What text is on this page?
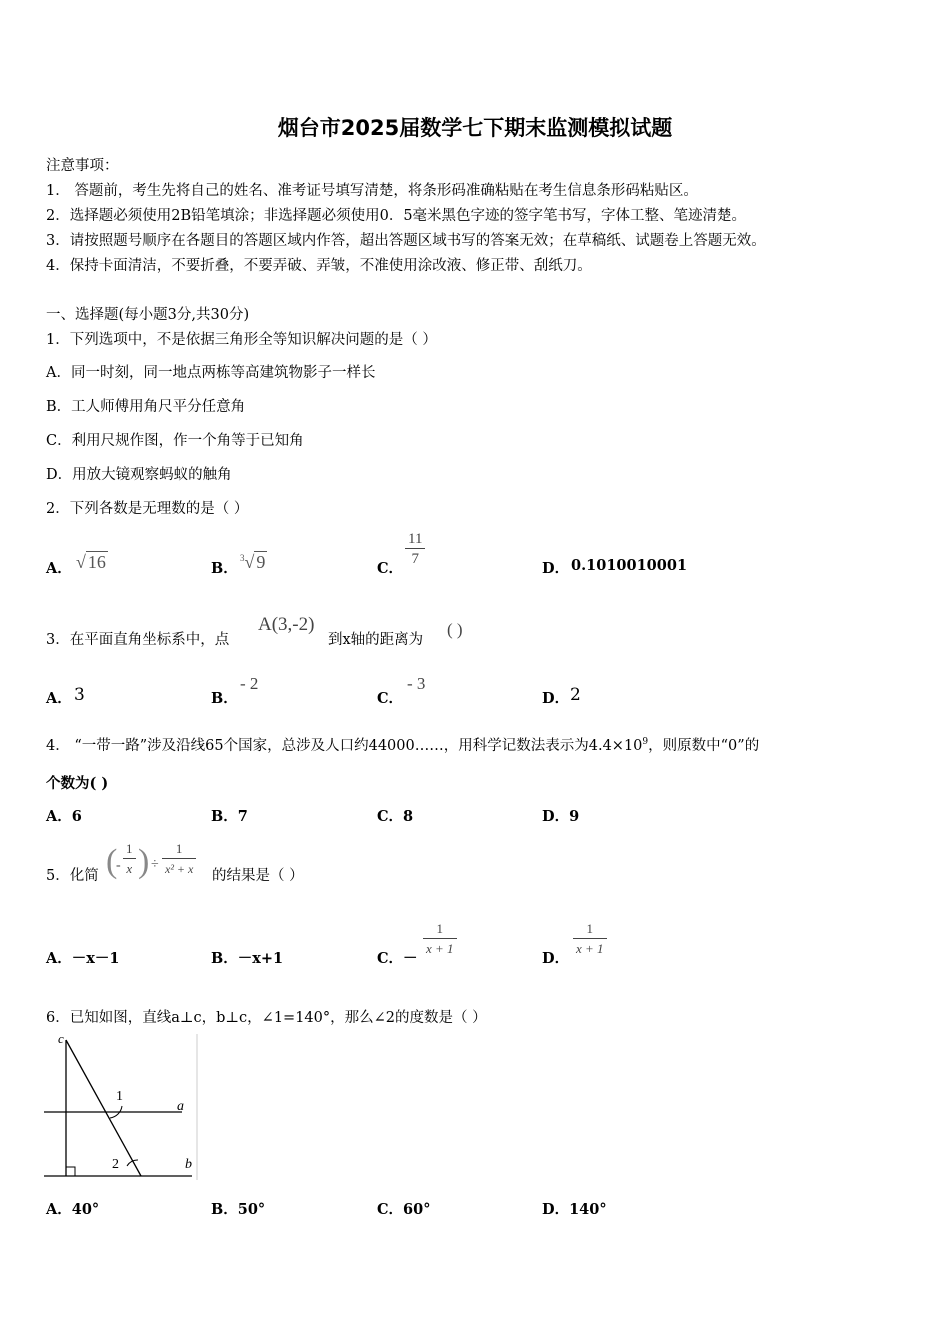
烟台市2025届数学七下期末监测模拟试题
注意事项：
1． 答题前，考生先将自己的姓名、准考证号填写清楚，将条形码准确粘贴在考生信息条形码粘贴区。
2．选择题必须使用2B铅笔填涂；非选择题必须使用0．5毫米黑色字迹的签字笔书写，字体工整、笔迹清楚。
3．请按照题号顺序在各题目的答题区域内作答，超出答题区域书写的答案无效；在草稿纸、试题卷上答题无效。
4．保持卡面清洁，不要折叠，不要弄破、弄皱，不准使用涂改液、修正带、刮纸刀。
一、选择题(每小题3分,共30分)
1．下列选项中，不是依据三角形全等知识解决问题的是（ ）
A．同一时刻，同一地点两栋等高建筑物影子一样长
B．工人师傅用角尺平分任意角
C．利用尺规作图，作一个角等于已知角
D．用放大镜观察蚂蚁的触角
2．下列各数是无理数的是（ ）
A． √ 16	B．
$^3$√ 9	C． $\frac{11}{7}$	D． 0.1010010001
3．在平面直角坐标系中，点
A(3,‑2)
到x轴的距离为
( )
A． 3	B．
- 2
C．
- 3
D． 2
4． “一带一路”涉及沿线65个国家，总涉及人口约44000……，用科学记数法表示为$4.4\times 10^9$，则原数中“0”的
个数为( )
A．6	B．7	C．8	D．9
5．化简 (
- $\frac{1}{x}$ ) ÷ $\frac{1}{\text{x² + x}}$ 的结果是（ ）
A．－x－1	B．－x+1	C．－ $\frac{1}{x + 1}$	D． $\frac{1}{x + 1}$
6．已知如图，直线a⊥c，b⊥c，∠1=140°，那么∠2的度数是（ ）
c
a
b
1
2
A．40°	B．50°	C．60°	D．140°
